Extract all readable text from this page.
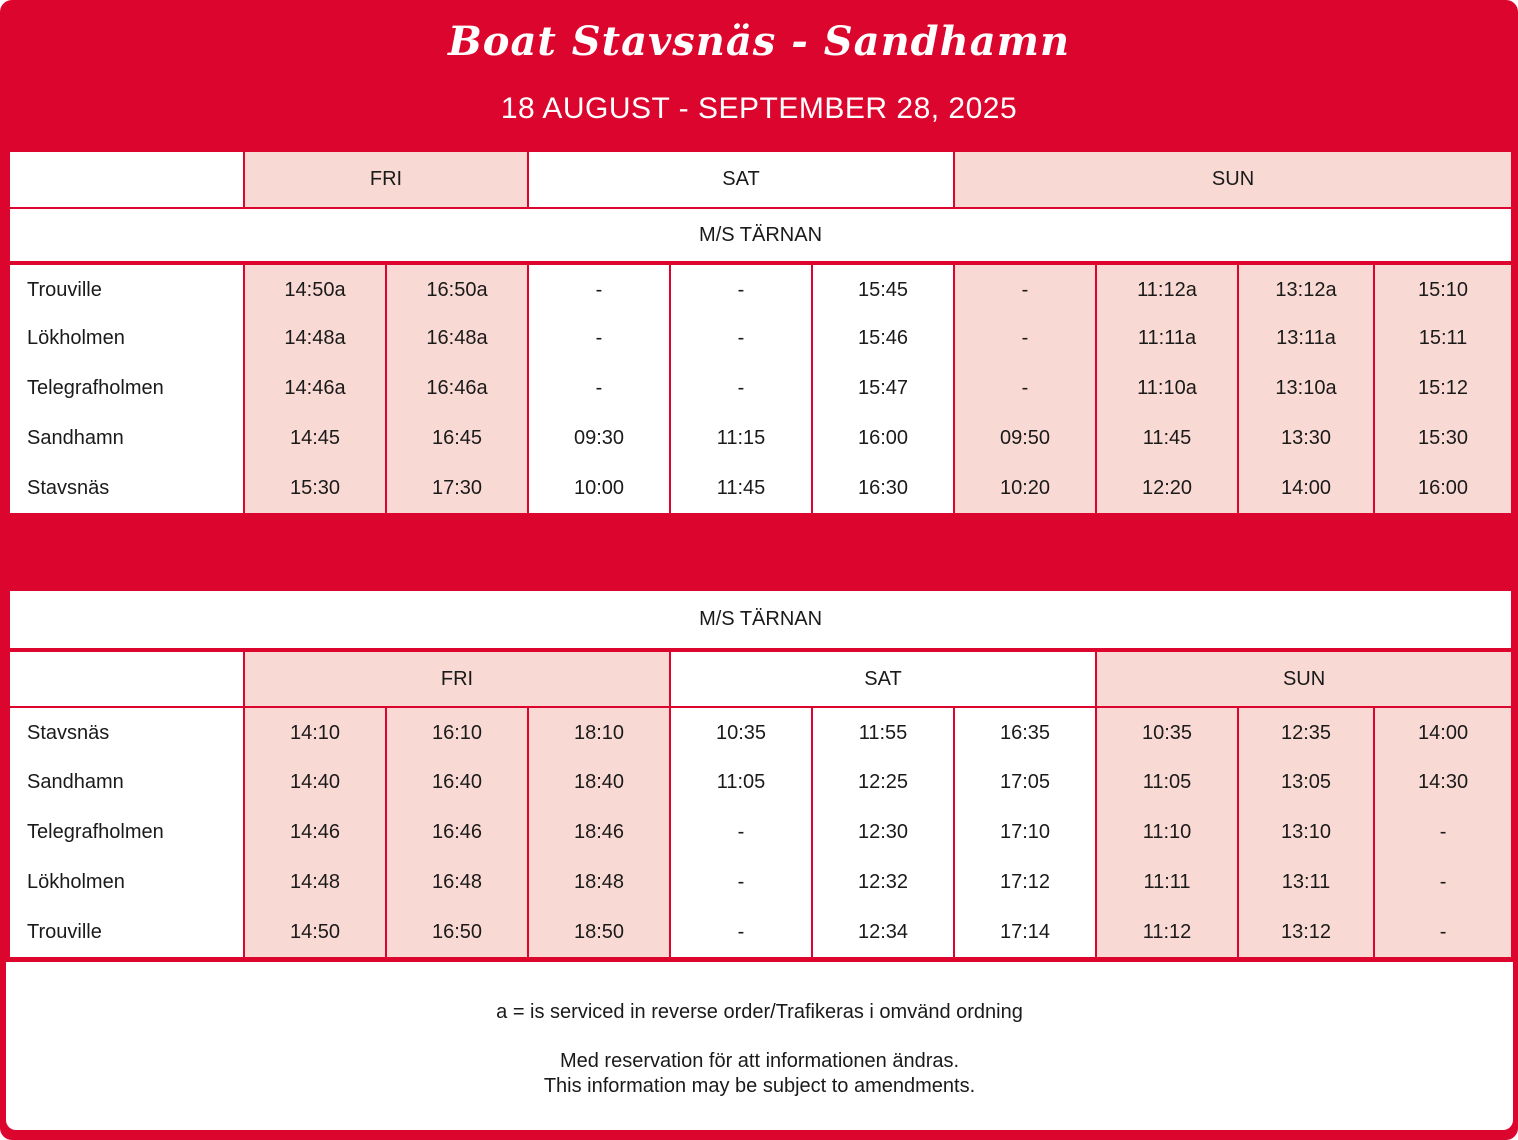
Boat Stavsnäs - Sandhamn
18 AUGUST - SEPTEMBER 28, 2025
	FRI		SAT			SUN			
M/S TÄRNAN									
Trouville	14:50a	16:50a	-	-	15:45	-	11:12a	13:12a	15:10
Lökholmen	14:48a	16:48a	-	-	15:46	-	11:11a	13:11a	15:11
Telegrafholmen	14:46a	16:46a	-	-	15:47	-	11:10a	13:10a	15:12
Sandhamn	14:45	16:45	09:30	11:15	16:00	09:50	11:45	13:30	15:30
Stavsnäs	15:30	17:30	10:00	11:45	16:30	10:20	12:20	14:00	16:00
M/S TÄRNAN									
	FRI			SAT			SUN		
Stavsnäs	14:10	16:10	18:10	10:35	11:55	16:35	10:35	12:35	14:00
Sandhamn	14:40	16:40	18:40	11:05	12:25	17:05	11:05	13:05	14:30
Telegrafholmen	14:46	16:46	18:46	-	12:30	17:10	11:10	13:10	-
Lökholmen	14:48	16:48	18:48	-	12:32	17:12	11:11	13:11	-
Trouville	14:50	16:50	18:50	-	12:34	17:14	11:12	13:12	-
a = is serviced in reverse order/Trafikeras i omvänd ordning
Med reservation för att informationen ändras.
This information may be subject to amendments.
